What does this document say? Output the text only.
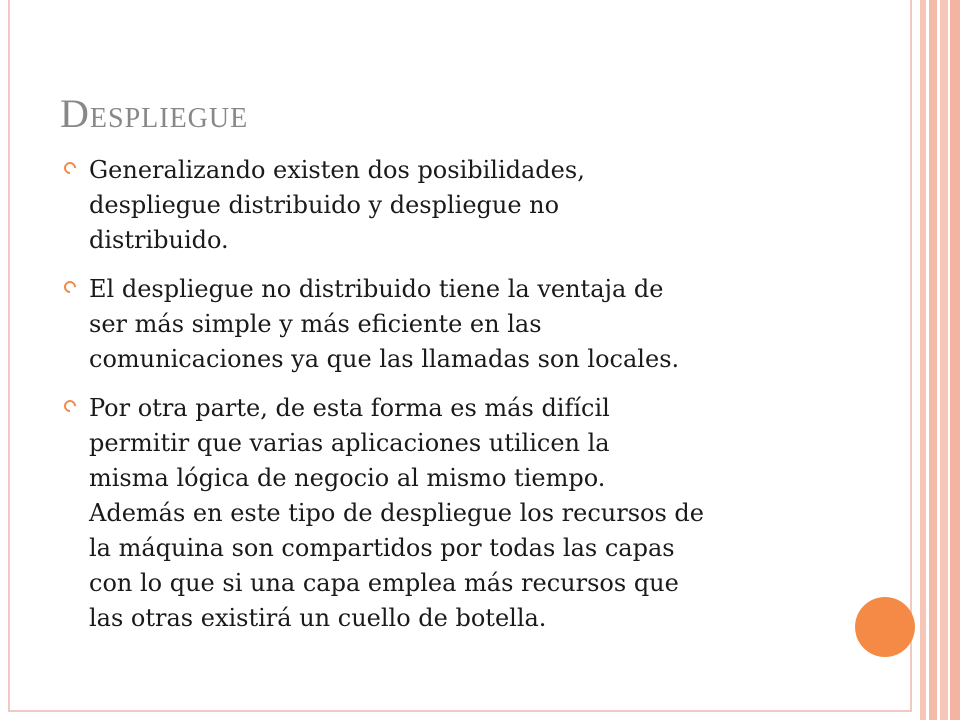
Despliegue
Generalizando existen dos posibilidades,
despliegue distribuido y despliegue no
distribuido.
El despliegue no distribuido tiene la ventaja de
ser más simple y más eficiente en las
comunicaciones ya que las llamadas son locales.
Por otra parte, de esta forma es más difícil
permitir que varias aplicaciones utilicen la
misma lógica de negocio al mismo tiempo.
Además en este tipo de despliegue los recursos de
la máquina son compartidos por todas las capas
con lo que si una capa emplea más recursos que
las otras existirá un cuello de botella.
